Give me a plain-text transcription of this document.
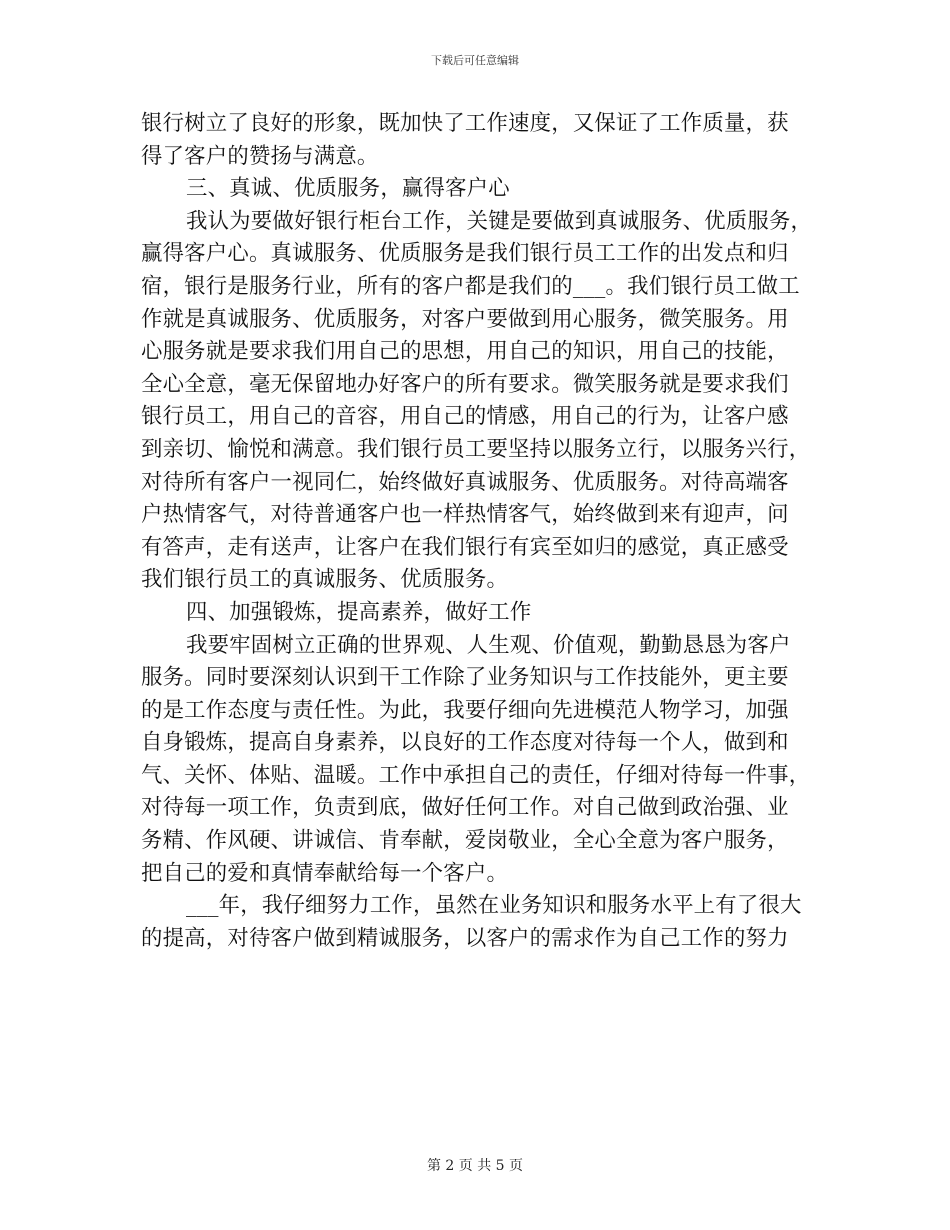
下载后可任意编辑
银行树立了良好的形象，既加快了工作速度，又保证了工作质量，获
得了客户的赞扬与满意。
三、真诚、优质服务，赢得客户心
我认为要做好银行柜台工作，关键是要做到真诚服务、优质服务，
赢得客户心。真诚服务、优质服务是我们银行员工工作的出发点和归
宿，银行是服务行业，所有的客户都是我们的___。我们银行员工做工
作就是真诚服务、优质服务，对客户要做到用心服务，微笑服务。用
心服务就是要求我们用自己的思想，用自己的知识，用自己的技能，
全心全意，毫无保留地办好客户的所有要求。微笑服务就是要求我们
银行员工，用自己的音容，用自己的情感，用自己的行为，让客户感
到亲切、愉悦和满意。我们银行员工要坚持以服务立行，以服务兴行，
对待所有客户一视同仁，始终做好真诚服务、优质服务。对待高端客
户热情客气，对待普通客户也一样热情客气，始终做到来有迎声，问
有答声，走有送声，让客户在我们银行有宾至如归的感觉，真正感受
我们银行员工的真诚服务、优质服务。
四、加强锻炼，提高素养，做好工作
我要牢固树立正确的世界观、人生观、价值观，勤勤恳恳为客户
服务。同时要深刻认识到干工作除了业务知识与工作技能外，更主要
的是工作态度与责任性。为此，我要仔细向先进模范人物学习，加强
自身锻炼，提高自身素养，以良好的工作态度对待每一个人，做到和
气、关怀、体贴、温暖。工作中承担自己的责任，仔细对待每一件事，
对待每一项工作，负责到底，做好任何工作。对自己做到政治强、业
务精、作风硬、讲诚信、肯奉献，爱岗敬业，全心全意为客户服务，
把自己的爱和真情奉献给每一个客户。
___年，我仔细努力工作，虽然在业务知识和服务水平上有了很大
的提高，对待客户做到精诚服务，以客户的需求作为自己工作的努力
第 2 页 共 5 页
